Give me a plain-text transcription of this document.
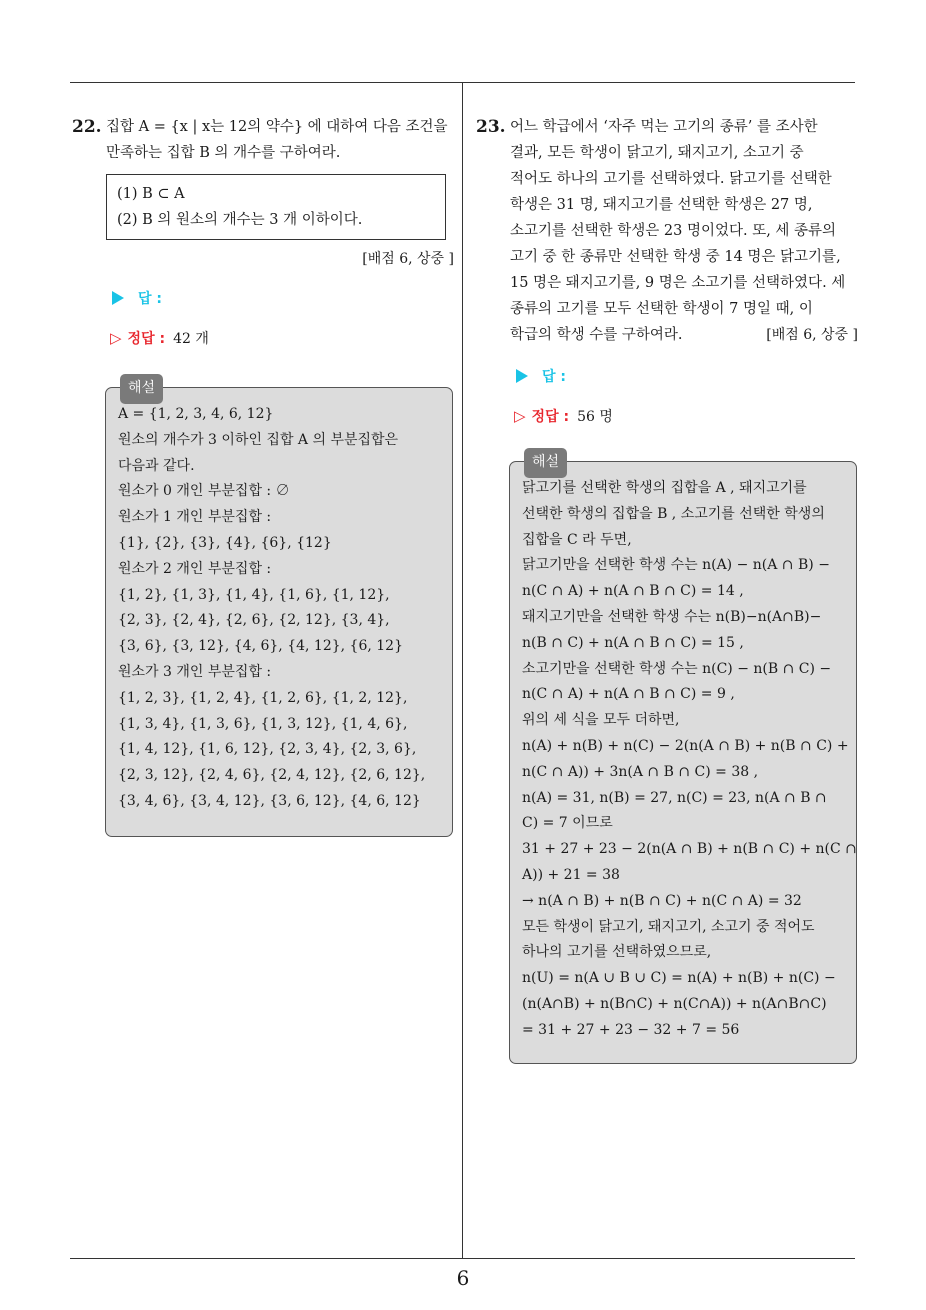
6
22. 집합 A = {x | x는 12의 약수} 에 대하여 다음 조건을
만족하는 집합 B 의 개수를 구하여라.
(1) B ⊂ A
(2) B 의 원소의 개수는 3 개 이하이다.
[배점 6, 상중 ]
답 :
▷ 정답 : 42 개
해설
A = {1, 2, 3, 4, 6, 12}
원소의 개수가 3 이하인 집합 A 의 부분집합은
다음과 같다.
원소가 0 개인 부분집합 : ∅
원소가 1 개인 부분집합 :
{1}, {2}, {3}, {4}, {6}, {12}
원소가 2 개인 부분집합 :
{1, 2}, {1, 3}, {1, 4}, {1, 6}, {1, 12},
{2, 3}, {2, 4}, {2, 6}, {2, 12}, {3, 4},
{3, 6}, {3, 12}, {4, 6}, {4, 12}, {6, 12}
원소가 3 개인 부분집합 :
{1, 2, 3}, {1, 2, 4}, {1, 2, 6}, {1, 2, 12},
{1, 3, 4}, {1, 3, 6}, {1, 3, 12}, {1, 4, 6},
{1, 4, 12}, {1, 6, 12}, {2, 3, 4}, {2, 3, 6},
{2, 3, 12}, {2, 4, 6}, {2, 4, 12}, {2, 6, 12},
{3, 4, 6}, {3, 4, 12}, {3, 6, 12}, {4, 6, 12}
23. 어느 학급에서 ‘자주 먹는 고기의 종류’ 를 조사한
결과, 모든 학생이 닭고기, 돼지고기, 소고기 중
적어도 하나의 고기를 선택하였다. 닭고기를 선택한
학생은 31 명, 돼지고기를 선택한 학생은 27 명,
소고기를 선택한 학생은 23 명이었다. 또, 세 종류의
고기 중 한 종류만 선택한 학생 중 14 명은 닭고기를,
15 명은 돼지고기를, 9 명은 소고기를 선택하였다. 세
종류의 고기를 모두 선택한 학생이 7 명일 때, 이
학급의 학생 수를 구하여라.	[배점 6, 상중 ]
답 :
▷ 정답 : 56 명
해설
닭고기를 선택한 학생의 집합을 A , 돼지고기를
선택한 학생의 집합을 B , 소고기를 선택한 학생의
집합을 C 라 두면,
닭고기만을 선택한 학생 수는 n(A) − n(A ∩ B) −
n(C ∩ A) + n(A ∩ B ∩ C) = 14 ,
돼지고기만을 선택한 학생 수는 n(B)−n(A∩B)−
n(B ∩ C) + n(A ∩ B ∩ C) = 15 ,
소고기만을 선택한 학생 수는 n(C) − n(B ∩ C) −
n(C ∩ A) + n(A ∩ B ∩ C) = 9 ,
위의 세 식을 모두 더하면,
n(A) + n(B) + n(C) − 2(n(A ∩ B) + n(B ∩ C) +
n(C ∩ A)) + 3n(A ∩ B ∩ C) = 38 ,
n(A) = 31, n(B) = 27, n(C) = 23, n(A ∩ B ∩
C) = 7 이므로
31 + 27 + 23 − 2(n(A ∩ B) + n(B ∩ C) + n(C ∩
A)) + 21 = 38
→ n(A ∩ B) + n(B ∩ C) + n(C ∩ A) = 32
모든 학생이 닭고기, 돼지고기, 소고기 중 적어도
하나의 고기를 선택하였으므로,
n(U) = n(A ∪ B ∪ C) = n(A) + n(B) + n(C) −
(n(A∩B) + n(B∩C) + n(C∩A)) + n(A∩B∩C)
= 31 + 27 + 23 − 32 + 7 = 56
